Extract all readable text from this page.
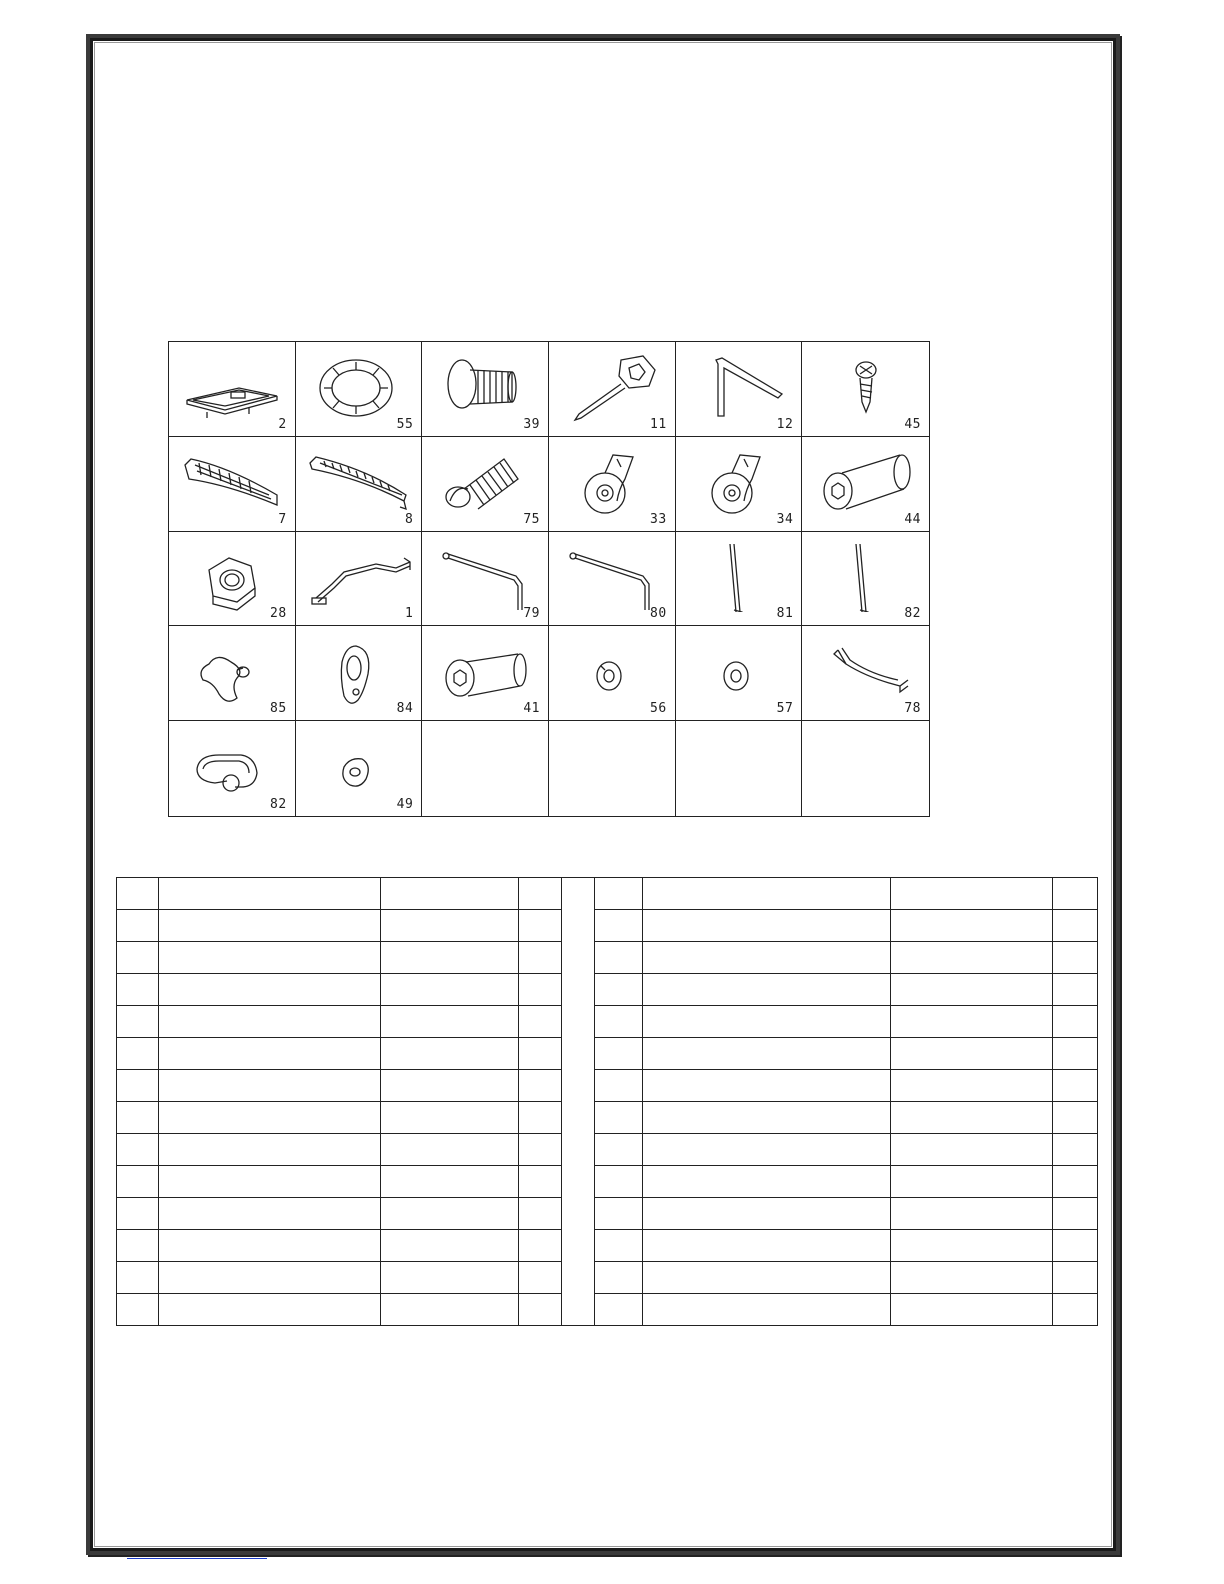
2	55	39	11	12	45
7	8	75	33	34	44
28	1	79	80	81	82
85	84	41	56	57	78
82	49
